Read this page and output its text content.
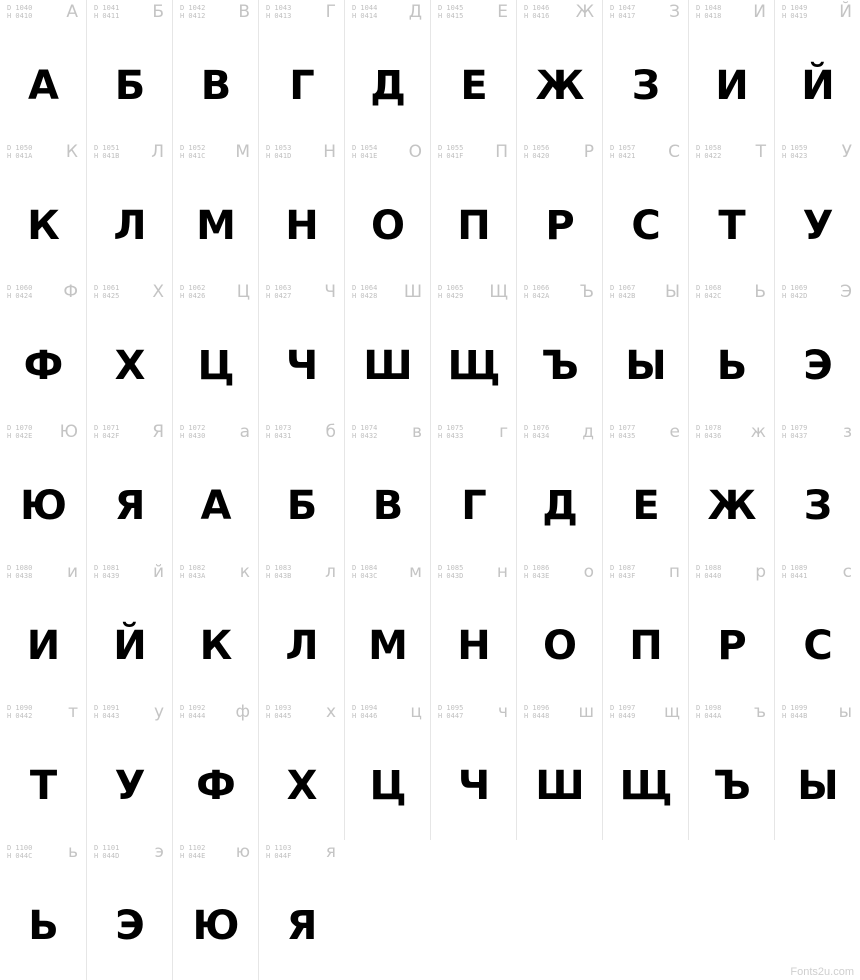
D 1040
H 0410 А
А
D 1041
H 0411 Б
Б
D 1042
H 0412 В
В
D 1043
H 0413 Г
Г
D 1044
H 0414 Д
Д
D 1045
H 0415 Е
Е
D 1046
H 0416 Ж
Ж
D 1047
H 0417 З
З
D 1048
H 0418 И
И
D 1049
H 0419 Й
Й
D 1050
H 041A К
К
D 1051
H 041B Л
Л
D 1052
H 041C М
М
D 1053
H 041D Н
Н
D 1054
H 041E О
О
D 1055
H 041F П
П
D 1056
H 0420 Р
Р
D 1057
H 0421 С
С
D 1058
H 0422 Т
Т
D 1059
H 0423 У
У
D 1060
H 0424 Ф
Ф
D 1061
H 0425 Х
Х
D 1062
H 0426 Ц
Ц
D 1063
H 0427 Ч
Ч
D 1064
H 0428 Ш
Ш
D 1065
H 0429 Щ
Щ
D 1066
H 042A Ъ
Ъ
D 1067
H 042B Ы
Ы
D 1068
H 042C Ь
Ь
D 1069
H 042D Э
Э
D 1070
H 042E Ю
Ю
D 1071
H 042F Я
Я
D 1072
H 0430 а
А
D 1073
H 0431 б
Б
D 1074
H 0432 в
В
D 1075
H 0433 г
Г
D 1076
H 0434 д
Д
D 1077
H 0435 е
Е
D 1078
H 0436 ж
Ж
D 1079
H 0437 з
З
D 1080
H 0438 и
И
D 1081
H 0439 й
Й
D 1082
H 043A к
К
D 1083
H 043B л
Л
D 1084
H 043C м
М
D 1085
H 043D н
Н
D 1086
H 043E о
О
D 1087
H 043F п
П
D 1088
H 0440 р
Р
D 1089
H 0441 с
С
D 1090
H 0442 т
Т
D 1091
H 0443 у
У
D 1092
H 0444 ф
Ф
D 1093
H 0445 х
Х
D 1094
H 0446 ц
Ц
D 1095
H 0447 ч
Ч
D 1096
H 0448 ш
Ш
D 1097
H 0449 щ
Щ
D 1098
H 044A ъ
Ъ
D 1099
H 044B ы
Ы
D 1100
H 044C ь
Ь
D 1101
H 044D э
Э
D 1102
H 044E ю
Ю
D 1103
H 044F я
Я
Fonts2u.com
